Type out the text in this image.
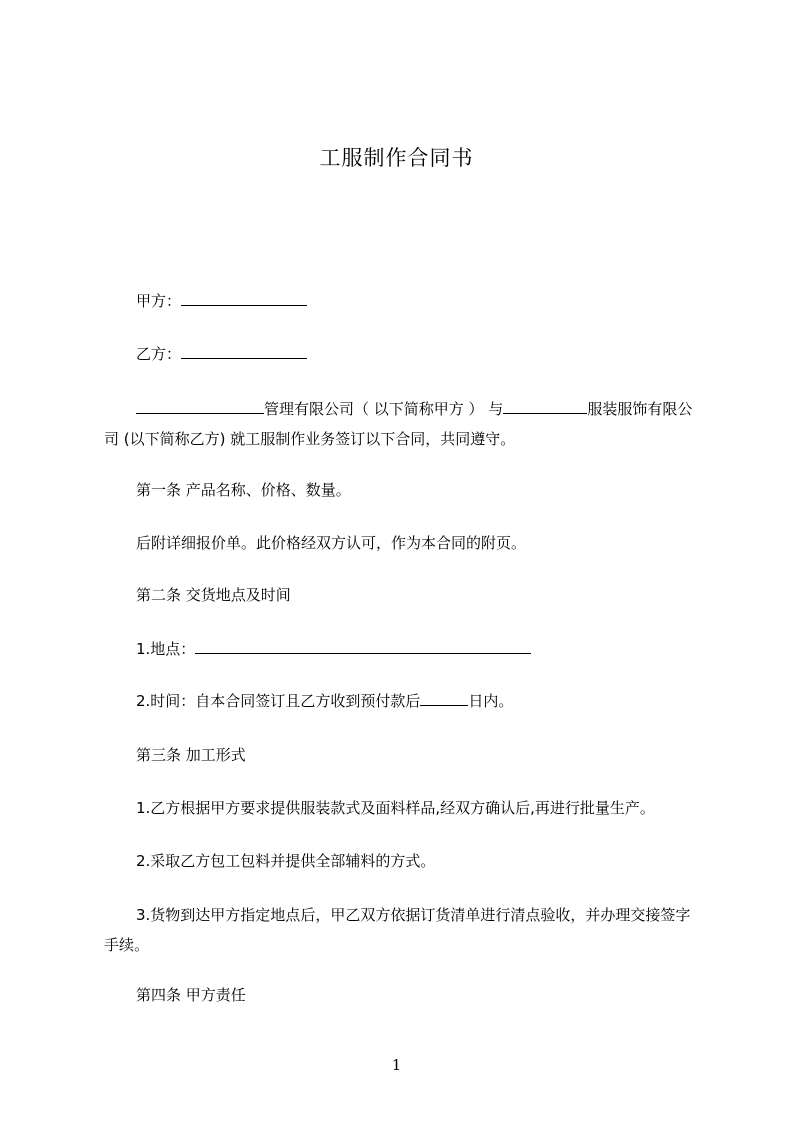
工服制作合同书
甲方：
乙方：
管理有限公司（ 以下简称甲方 ） 与	服装服饰有限公司 (以下简称乙方) 就工服制作业务签订以下合同，共同遵守。
第一条 产品名称、价格、数量。
后附详细报价单。此价格经双方认可，作为本合同的附页。
第二条 交货地点及时间
1.地点：
2.时间：自本合同签订且乙方收到预付款后	日内。
第三条 加工形式
1.乙方根据甲方要求提供服装款式及面料样品,经双方确认后,再进行批量生产。
2.采取乙方包工包料并提供全部辅料的方式。
3.货物到达甲方指定地点后，甲乙双方依据订货清单进行清点验收，并办理交接签字手续。
第四条 甲方责任
1
